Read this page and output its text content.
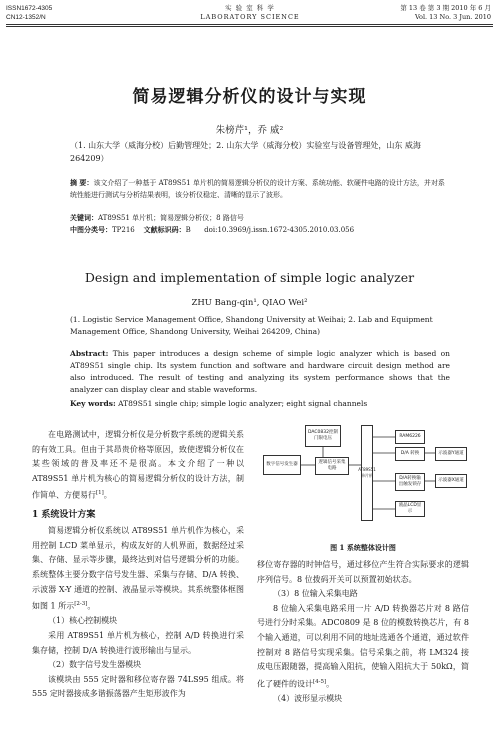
ISSN1672-4305
CN12-1352/N
实 验 室 科 学
LABORATORY SCIENCE
第 13 卷 第 3 期 2010 年 6 月
Vol. 13 No. 3 Jun. 2010
简易逻辑分析仪的设计与实现
朱榜芹¹，乔 威²
（1. 山东大学（威海分校）后勤管理处；2. 山东大学（威海分校）实验室与设备管理处，山东 威海 264209）
摘 要：该文介绍了一种基于 AT89S51 单片机的简易逻辑分析仪的设计方案、系统功能、软硬件电路的设计方法，并对系统性能进行测试与分析结果表明，该分析仪稳定、清晰的显示了波形。
关键词：AT89S51 单片机；简易逻辑分析仪；8 路信号
中图分类号：TP216 文献标识码：B doi:10.3969/j.issn.1672-4305.2010.03.056
Design and implementation of simple logic analyzer
ZHU Bang-qin¹, QIAO Wei²
(1. Logistic Service Management Office, Shandong University at Weihai; 2. Lab and Equipment Management Office, Shandong University, Weihai 264209, China)
Abstract: This paper introduces a design scheme of simple logic analyzer which is based on AT89S51 single chip. Its system function and software and hardware circuit design method are also introduced. The result of testing and analyzing its system performance shows that the analyzer can display clear and stable waveforms.
Key words: AT89S51 single chip; simple logic analyzer; eight signal channels
在电路测试中，逻辑分析仪是分析数字系统的逻辑关系的有效工具。但由于其昂贵价格等原因，致使逻辑分析仪在某些领域的普及率还不是很高。本文介绍了一种以 AT89S51 单片机为核心的简易逻辑分析仪的设计方法，制作简单、方便易行[1]。
1 系统设计方案
简易逻辑分析仪系统以 AT89S51 单片机作为核心，采用控制 LCD 菜单显示，构成友好的人机界面，数据经过采集、存储、显示等步骤，最终达到对信号逻辑分析的功能。系统整体主要分数字信号发生器、采集与存储、D/A 转换、示波器 X-Y 通道的控制、液晶显示等模块。其系统整体框图如图 1 所示[2-3]。
（1）核心控制模块
采用 AT89S51 单片机为核心，控制 A/D 转换进行采集存储，控制 D/A 转换进行波形输出与显示。
（2）数字信号发生器模块
该模块由 555 定时器和移位寄存器 74LS95 组成。将 555 定时器接成多谐振荡器产生矩形波作为
DAC0832控制门限电压
数字信号发生器	逻辑信号采集电路	AT89S51单片机
RAM6226
D/A 转换	示波器Y通道
D/A转换输出触发锁存
示波器X通道
液晶LCD显示
图 1 系统整体设计图
移位寄存器的时钟信号，通过移位产生符合实际要求的逻辑序列信号。8 位拨码开关可以预置初始状态。
（3）8 位输入采集电路
8 位输入采集电路采用一片 A/D 转换器芯片对 8 路信号进行分时采集。ADC0809 是 8 位的模数转换芯片，有 8 个输入通道，可以利用不同的地址选通各个通道，通过软件控制对 8 路信号实现采集。信号采集之前，将 LM324 接成电压跟随器，提高输入阻抗，使输入阻抗大于 50kΩ，简化了硬件的设计[4-5]。
（4）波形显示模块
